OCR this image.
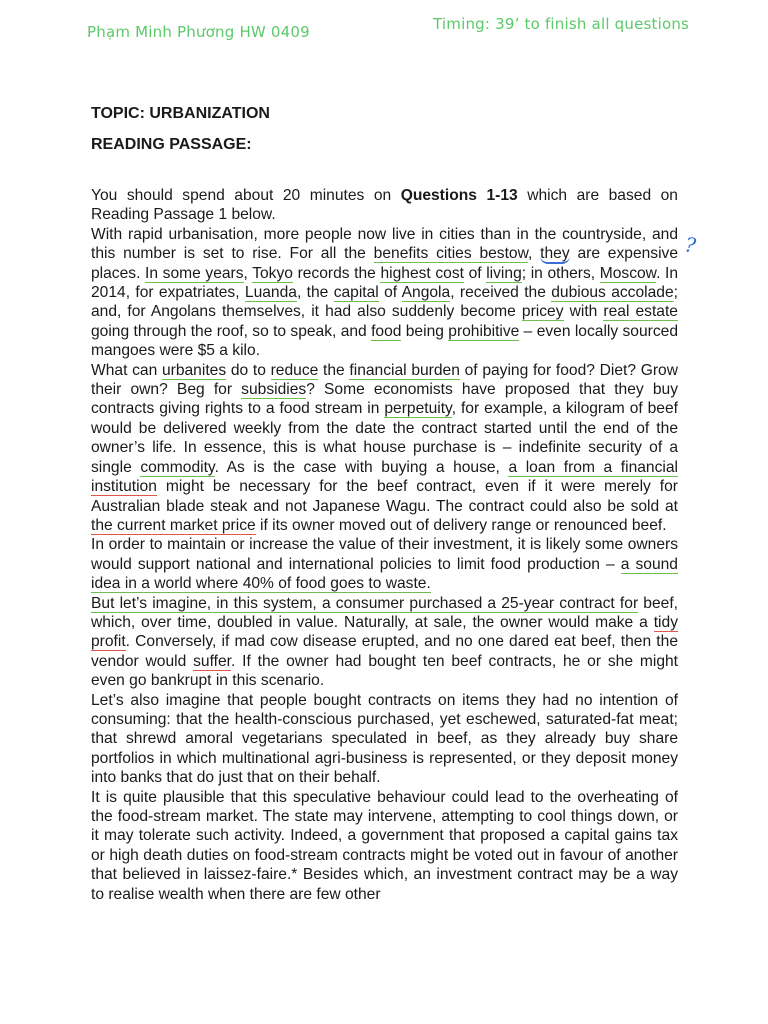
Phạm Minh Phương HW 0409	Timing: 39’ to finish all questions
?
TOPIC: URBANIZATION
READING PASSAGE:

You should spend about 20 minutes on Questions 1-13 which are based on Reading Passage 1 below.

With rapid urbanisation, more people now live in cities than in the countryside, and this number is set to rise. For all the benefits cities bestow, they are expensive places. In some years, Tokyo records the highest cost of living; in others, Moscow. In 2014, for expatriates, Luanda, the capital of Angola, received the dubious accolade; and, for Angolans themselves, it had also suddenly become pricey with real estate going through the roof, so to speak, and food being prohibitive – even locally sourced mangoes were $5 a kilo.

What can urbanites do to reduce the financial burden of paying for food? Diet? Grow their own? Beg for subsidies? Some economists have proposed that they buy contracts giving rights to a food stream in perpetuity, for example, a kilogram of beef would be delivered weekly from the date the contract started until the end of the owner’s life. In essence, this is what house purchase is – indefinite security of a single commodity. As is the case with buying a house, a loan from a financial institution might be necessary for the beef contract, even if it were merely for Australian blade steak and not Japanese Wagu. The contract could also be sold at the current market price if its owner moved out of delivery range or renounced beef.

In order to maintain or increase the value of their investment, it is likely some owners would support national and international policies to limit food production – a sound idea in a world where 40% of food goes to waste.

But let’s imagine, in this system, a consumer purchased a 25-year contract for beef, which, over time, doubled in value. Naturally, at sale, the owner would make a tidy profit. Conversely, if mad cow disease erupted, and no one dared eat beef, then the vendor would suffer. If the owner had bought ten beef contracts, he or she might even go bankrupt in this scenario.

Let’s also imagine that people bought contracts on items they had no intention of consuming: that the health-conscious purchased, yet eschewed, saturated-fat meat; that shrewd amoral vegetarians speculated in beef, as they already buy share portfolios in which multinational agri-business is represented, or they deposit money into banks that do just that on their behalf.

It is quite plausible that this speculative behaviour could lead to the overheating of the food-stream market. The state may intervene, attempting to cool things down, or it may tolerate such activity. Indeed, a government that proposed a capital gains tax or high death duties on food-stream contracts might be voted out in favour of another that believed in laissez-faire.* Besides which, an investment contract may be a way to realise wealth when there are few other
